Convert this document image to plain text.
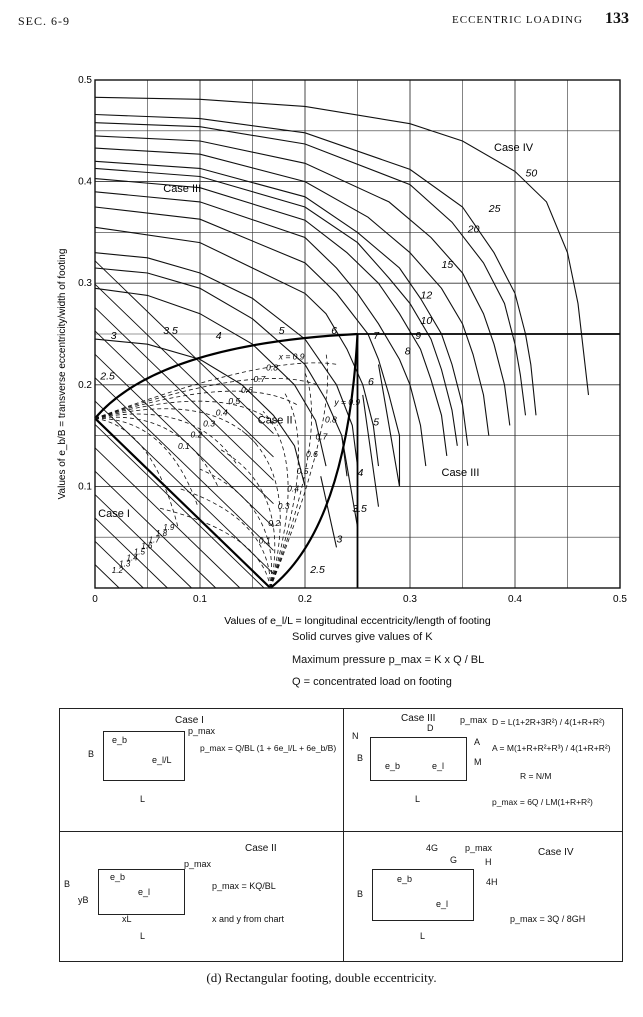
SEC. 6-9	ECCENTRIC LOADING 133
0	0.1	0.2	0.3	0.4	0.5
0.1
0.2
0.3
0.4
0.5
Values of e_l/L = longitudinal eccentricity/length of footing
Values of e_b/B = transverse eccentricity/width of footing
Case I
Case II
Case III
Case III
Case IV
50
25
20
15
12
10
9
8
7
6
5
4
3.5
3
2.5	6
5
4
3.5
3
2.5
1.9
1.8
1.7
1.6
1.5
1.4
1.3
1.2
x = 0.9
0.8
0.7
0.6
0.5
0.4
0.3
0.2
0.1
y = 0.9
0.8
0.7
0.6
0.5
0.4
0.3
0.2
0.1
Solid curves give values of K
Maximum pressure p_max = K x Q / BL
Q = concentrated load on footing
Case I
p_max
e_b
e_l/L
B
L
p_max = Q/BL (1 + 6e_l/L + 6e_b/B)
Case III	p_max
N
D
A
M
B
L
e_b	e_l
D = L(1+2R+3R²) / 4(1+R+R²)
A = M(1+R+R²+R³) / 4(1+R+R²)
R = N/M
p_max = 6Q / LM(1+R+R²)
Case II
p_max
B
yB
xL
L
e_b
e_l
p_max = KQ/BL
x and y from chart
Case IV
p_max
4G
G	H
4H
B
L
e_b
e_l
p_max = 3Q / 8GH
(d) Rectangular footing, double eccentricity.
